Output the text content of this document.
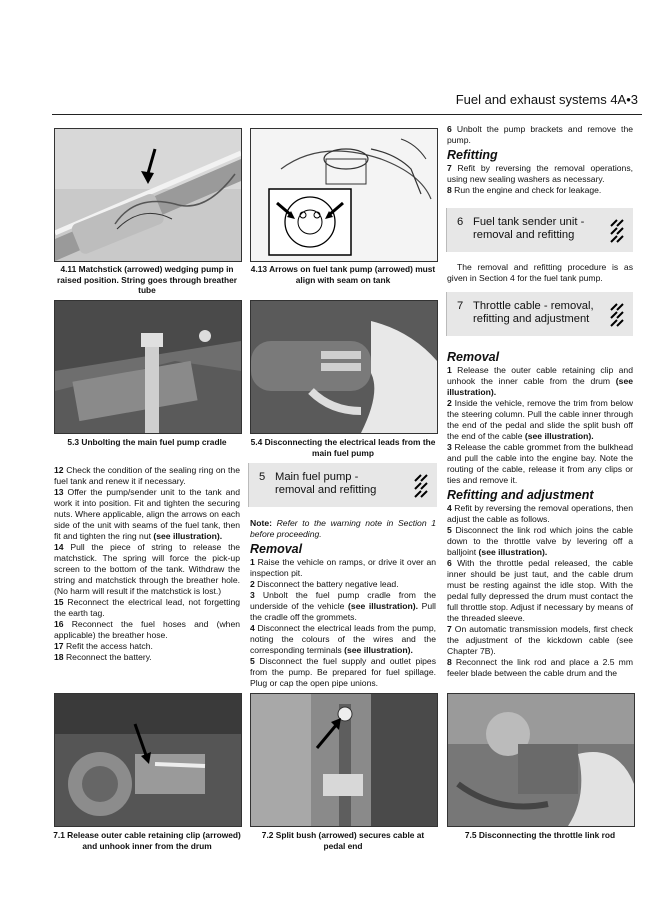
Fuel and exhaust systems 4A•3
4.11 Matchstick (arrowed) wedging pump in raised position. String goes through breather tube
4.13 Arrows on fuel tank pump (arrowed) must align with seam on tank
5.3 Unbolting the main fuel pump cradle	5.4 Disconnecting the electrical leads from the main fuel pump

12 Check the condition of the sealing ring on the fuel tank and renew it if necessary.

13 Offer the pump/sender unit to the tank and work it into position. Fit and tighten the securing nuts. Where applicable, align the arrows on each side of the unit with seams of the fuel tank, then fit and tighten the ring nut (see illustration).

14 Pull the piece of string to release the matchstick. The spring will force the pick-up screen to the bottom of the tank. Withdraw the string and matchstick through the breather hole. (No harm will result if the matchstick is lost.)

15 Reconnect the electrical lead, not forgetting the earth tag.

16 Reconnect the fuel hoses and (when applicable) the breather hose.

17 Refit the access hatch.

18 Reconnect the battery.

5 Main fuel pump -
removal and refitting

Note: Refer to the warning note in Section 1 before proceeding.

Removal

1 Raise the vehicle on ramps, or drive it over an inspection pit.

2 Disconnect the battery negative lead.

3 Unbolt the fuel pump cradle from the underside of the vehicle (see illustration). Pull the cradle off the grommets.

4 Disconnect the electrical leads from the pump, noting the colours of the wires and the corresponding terminals (see illustration).

5 Disconnect the fuel supply and outlet pipes from the pump. Be prepared for fuel spillage. Plug or cap the open pipe unions.

6 Unbolt the pump brackets and remove the pump.

Refitting

7 Refit by reversing the removal operations, using new sealing washers as necessary.

8 Run the engine and check for leakage.

6 Fuel tank sender unit -
removal and refitting

The removal and refitting procedure is as given in Section 4 for the fuel tank pump.

7 Throttle cable - removal,
refitting and adjustment
Removal

1 Release the outer cable retaining clip and unhook the inner cable from the drum (see illustration).

2 Inside the vehicle, remove the trim from below the steering column. Pull the cable inner through the end of the pedal and slide the split bush off the end of the cable (see illustration).

3 Release the cable grommet from the bulkhead and pull the cable into the engine bay. Note the routing of the cable, release it from any clips or ties and remove it.

Refitting and adjustment

4 Refit by reversing the removal operations, then adjust the cable as follows.

5 Disconnect the link rod which joins the cable down to the throttle valve by levering off a balljoint (see illustration).

6 With the throttle pedal released, the cable inner should be just taut, and the cable drum must be resting against the idle stop. With the pedal fully depressed the drum must contact the full throttle stop. Adjust if necessary by means of the threaded sleeve.

7 On automatic transmission models, first check the adjustment of the kickdown cable (see Chapter 7B).

8 Reconnect the link rod and place a 2.5 mm feeler blade between the cable drum and the

7.1 Release outer cable retaining clip (arrowed) and unhook inner from the drum
7.2 Split bush (arrowed) secures cable at pedal end
7.5 Disconnecting the throttle link rod
